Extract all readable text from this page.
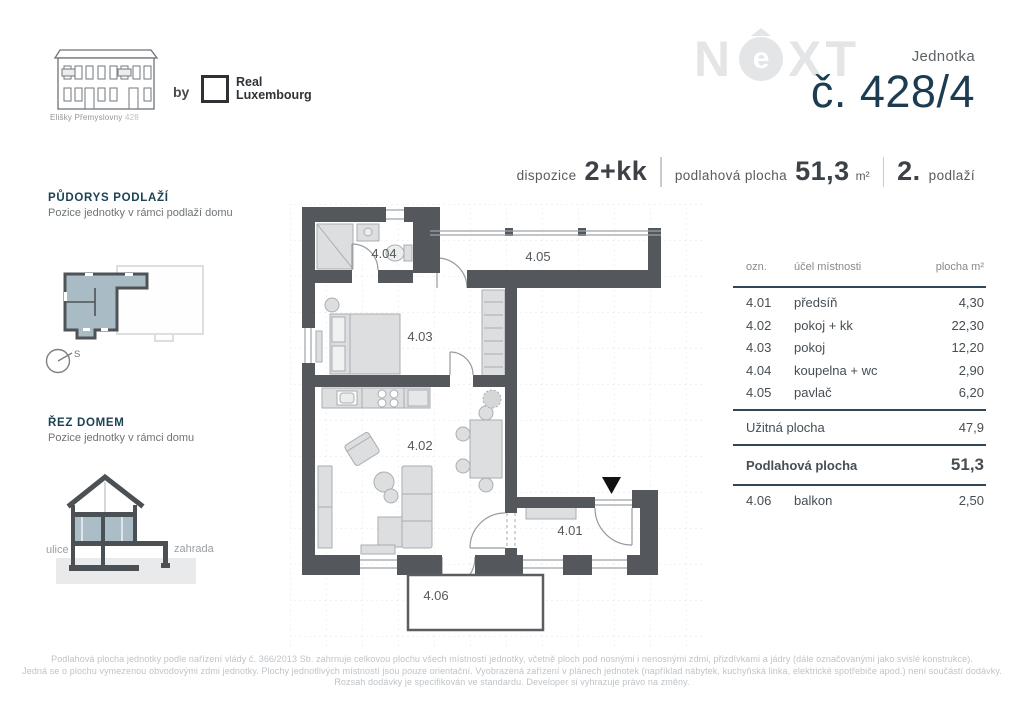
Elišky Přemyslovny 428
by
Real
Luxembourg
N e XT	Jednotka
č. 428/4
dispozice 2+kk podlahová plocha 51,3 m² 2. podlaží
PŮDORYS PODLAŽÍ
Pozice jednotky v rámci podlaží domu
S
ŘEZ DOMEM
Pozice jednotky v rámci domu
ulice	zahrada
4.01
4.02
4.03
4.04	4.05
4.06
ozn.	účel místnosti	plocha m²
4.01	předsíň	4,30
4.02	pokoj + kk	22,30
4.03	pokoj	12,20
4.04	koupelna + wc	2,90
4.05	pavlač	6,20
Užitná plocha	47,9
Podlahová plocha	51,3
4.06	balkon	2,50
Podlahová plocha jednotky podle nařízení vlády č. 366/2013 Sb. zahrnuje celkovou plochu všech místností jednotky, včetně ploch pod nosnými i nenosnými zdmi, přizdívkami a jádry (dále označovanými jako svislé konstrukce).
Jedná se o plochu vymezenou obvodovými zdmi jednotky. Plochy jednotlivých místností jsou pouze orientační. Vyobrazená zařízení v plánech jednotek (například nábytek, kuchyňská linka, elektrické spotřebiče apod.) není součástí dodávky.
Rozsah dodávky je specifikován ve standardu. Developer si vyhrazuje právo na změny.
